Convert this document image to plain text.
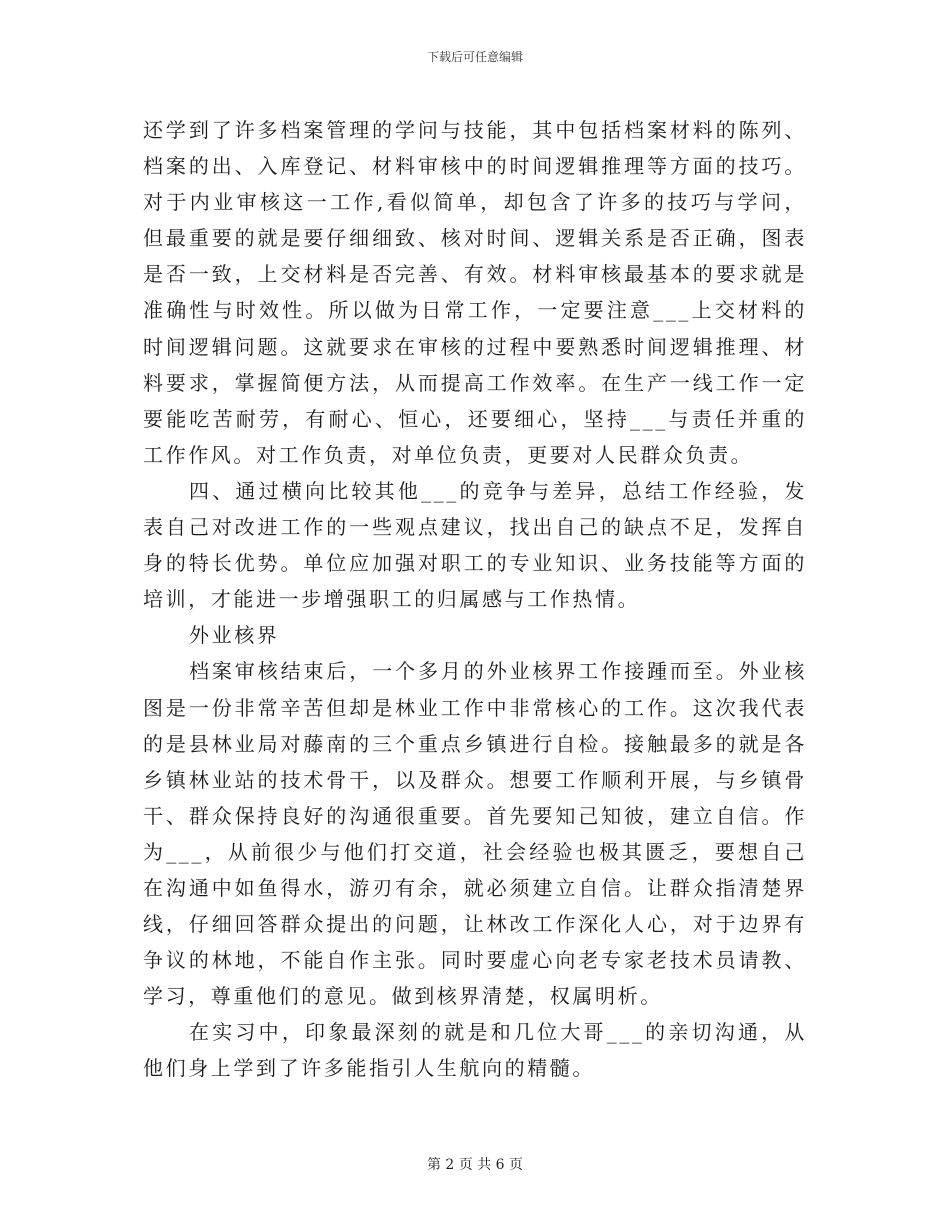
下载后可任意编辑

还学到了许多档案管理的学问与技能，其中包括档案材料的陈列、档案的出、入库登记、材料审核中的时间逻辑推理等方面的技巧。对于内业审核这一工作,看似简单，却包含了许多的技巧与学问，但最重要的就是要仔细细致、核对时间、逻辑关系是否正确，图表是否一致，上交材料是否完善、有效。材料审核最基本的要求就是准确性与时效性。所以做为日常工作，一定要注意___上交材料的时间逻辑问题。这就要求在审核的过程中要熟悉时间逻辑推理、材料要求，掌握简便方法，从而提高工作效率。在生产一线工作一定要能吃苦耐劳，有耐心、恒心，还要细心，坚持___与责任并重的工作作风。对工作负责，对单位负责，更要对人民群众负责。

四、通过横向比较其他___的竞争与差异，总结工作经验，发表自己对改进工作的一些观点建议，找出自己的缺点不足，发挥自身的特长优势。单位应加强对职工的专业知识、业务技能等方面的培训，才能进一步增强职工的归属感与工作热情。

外业核界

档案审核结束后，一个多月的外业核界工作接踵而至。外业核图是一份非常辛苦但却是林业工作中非常核心的工作。这次我代表的是县林业局对藤南的三个重点乡镇进行自检。接触最多的就是各乡镇林业站的技术骨干，以及群众。想要工作顺利开展，与乡镇骨干、群众保持良好的沟通很重要。首先要知己知彼，建立自信。作为___，从前很少与他们打交道，社会经验也极其匮乏，要想自己在沟通中如鱼得水，游刃有余，就必须建立自信。让群众指清楚界线，仔细回答群众提出的问题，让林改工作深化人心，对于边界有争议的林地，不能自作主张。同时要虚心向老专家老技术员请教、学习，尊重他们的意见。做到核界清楚，权属明析。

在实习中，印象最深刻的就是和几位大哥___的亲切沟通，从他们身上学到了许多能指引人生航向的精髓。

第 2 页 共 6 页
